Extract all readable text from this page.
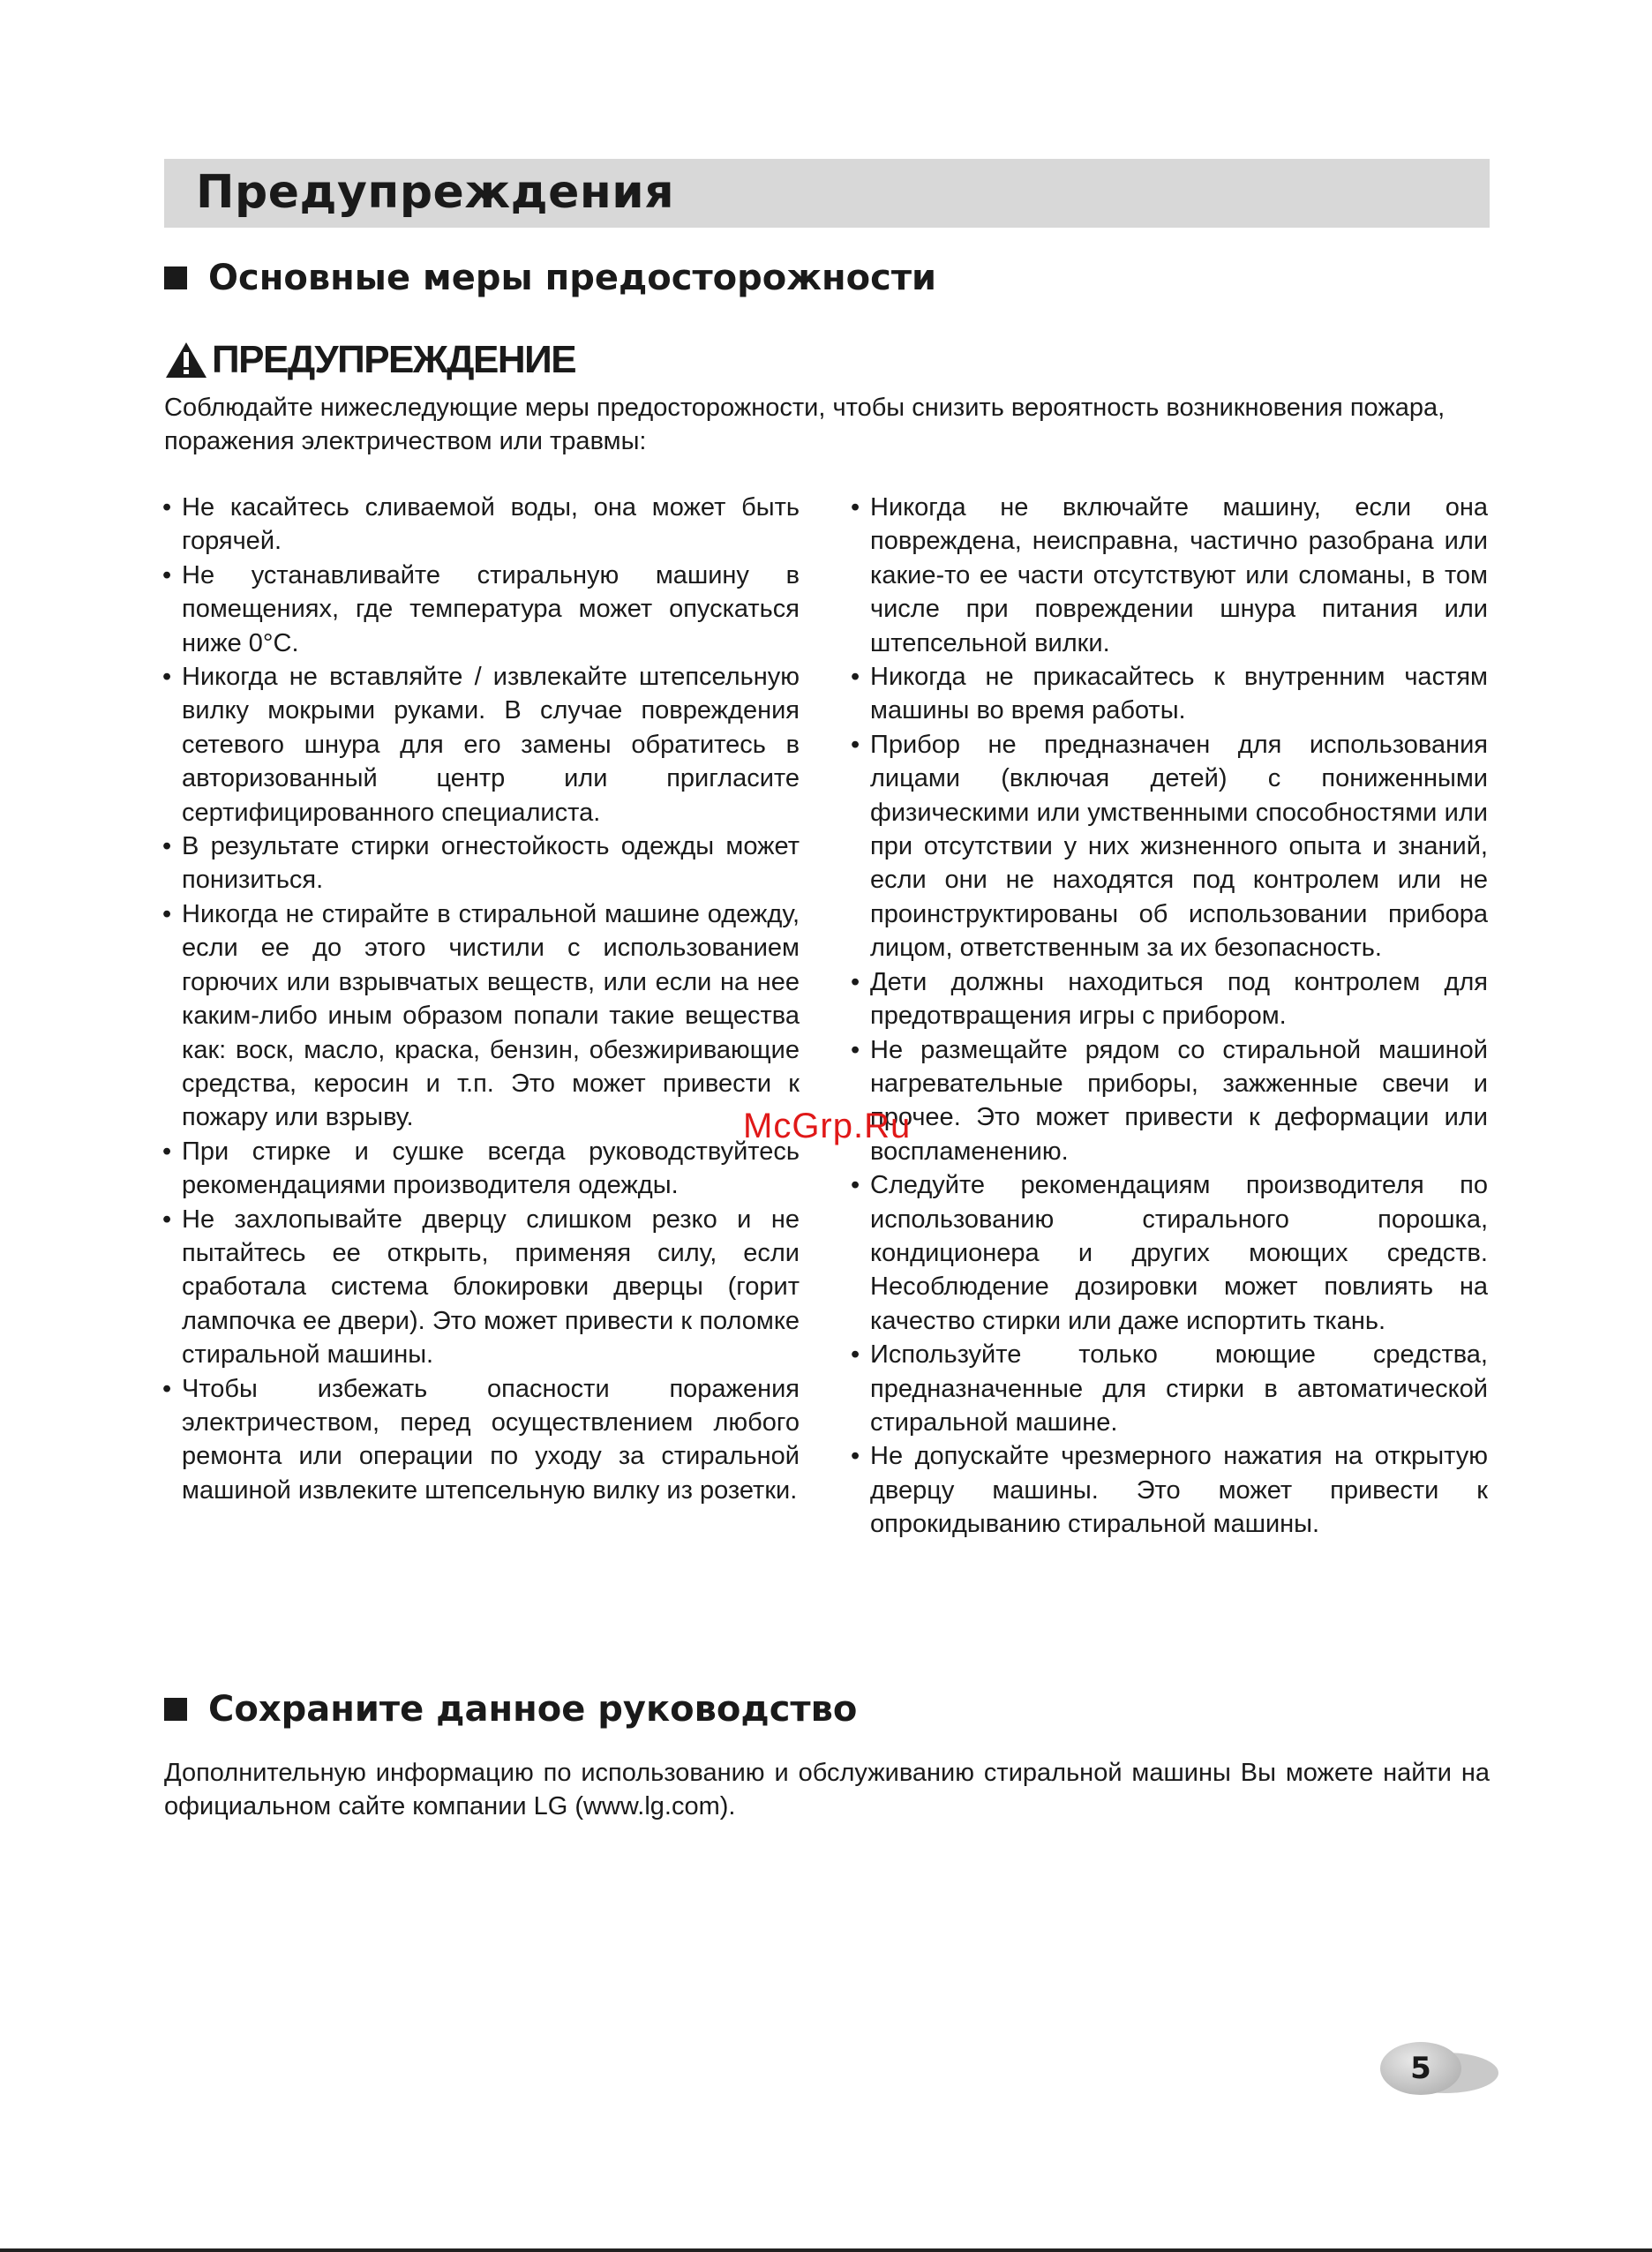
Предупреждения
Основные меры предосторожности
ПРЕДУПРЕЖДЕНИЕ

Соблюдайте нижеследующие меры предосторожности, чтобы снизить вероятность возникновения пожара, поражения электричеством или травмы:

• Не касайтесь сливаемой воды, она может быть горячей.
• Не устанавливайте стиральную машину в помещениях, где температура может опускаться ниже 0°C.
• Никогда не вставляйте / извлекайте штепсельную вилку мокрыми руками. В случае повреждения сетевого шнура для его замены обратитесь в авторизованный центр или пригласите сертифицированного специалиста.
• В результате стирки огнестойкость одежды может понизиться.
• Никогда не стирайте в стиральной машине одежду, если ее до этого чистили с использованием горючих или взрывчатых веществ, или если на нее каким-либо иным образом попали такие вещества как: воск, масло, краска, бензин, обезжиривающие средства, керосин и т.п. Это может привести к пожару или взрыву.
• При стирке и сушке всегда руководствуйтесь рекомендациями производителя одежды.
• Не захлопывайте дверцу слишком резко и не пытайтесь ее открыть, применяя силу, если сработала система блокировки дверцы (горит лампочка ее двери). Это может привести к поломке стиральной машины.
• Чтобы избежать опасности поражения электричеством, перед осуществлением любого ремонта или операции по уходу за стиральной машиной извлеките штепсельную вилку из розетки.
• Никогда не включайте машину, если она повреждена, неисправна, частично разобрана или какие-то ее части отсутствуют или сломаны, в том числе при повреждении шнура питания или штепсельной вилки.
• Никогда не прикасайтесь к внутренним частям машины во время работы.
• Прибор не предназначен для использования лицами (включая детей) с пониженными физическими или умственными способностями или при отсутствии у них жизненного опыта и знаний, если они не находятся под контролем или не проинструктированы об использовании прибора лицом, ответственным за их безопасность.
• Дети должны находиться под контролем для предотвращения игры с прибором.
• Не размещайте рядом со стиральной машиной нагревательные приборы, зажженные свечи и прочее. Это может привести к деформации или воспламенению.
• Следуйте рекомендациям производителя по использованию стирального порошка, кондиционера и других моющих средств. Несоблюдение дозировки может повлиять на качество стирки или даже испортить ткань.
• Используйте только моющие средства, предназначенные для стирки в автоматической стиральной машине.
• Не допускайте чрезмерного нажатия на открытую дверцу машины. Это может привести к опрокидыванию стиральной машины.
McGrp.Ru
Сохраните данное руководство

Дополнительную информацию по использованию и обслуживанию стиральной машины Вы можете найти на официальном сайте компании LG (www.lg.com).

5
